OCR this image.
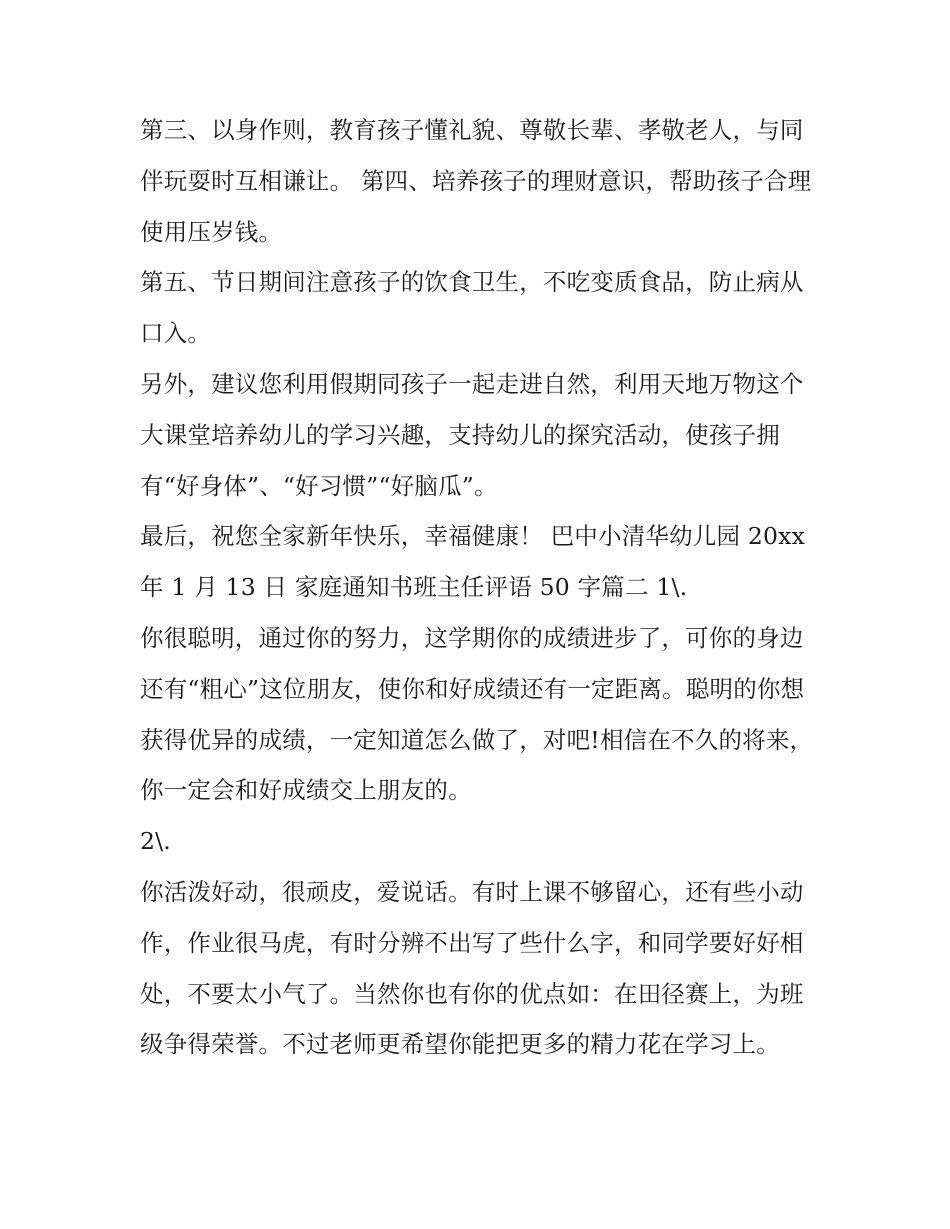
第三、以身作则，教育孩子懂礼貌、尊敬长辈、孝敬老人，与同伴玩耍时互相谦让。 第四、培养孩子的理财意识，帮助孩子合理使用压岁钱。

第五、节日期间注意孩子的饮食卫生，不吃变质食品，防止病从口入。

另外，建议您利用假期同孩子一起走进自然，利用天地万物这个大课堂培养幼儿的学习兴趣，支持幼儿的探究活动，使孩子拥有“好身体”、“好习惯”“好脑瓜”。

最后，祝您全家新年快乐，幸福健康！ 巴中小清华幼儿园 20xx 年 1 月 13 日 家庭通知书班主任评语 50 字篇二 1\.

你很聪明，通过你的努力，这学期你的成绩进步了，可你的身边还有“粗心”这位朋友，使你和好成绩还有一定距离。聪明的你想获得优异的成绩，一定知道怎么做了，对吧!相信在不久的将来，你一定会和好成绩交上朋友的。

2\.

你活泼好动，很顽皮，爱说话。有时上课不够留心，还有些小动作，作业很马虎，有时分辨不出写了些什么字，和同学要好好相处，不要太小气了。当然你也有你的优点如：在田径赛上，为班级争得荣誉。不过老师更希望你能把更多的精力花在学习上。
